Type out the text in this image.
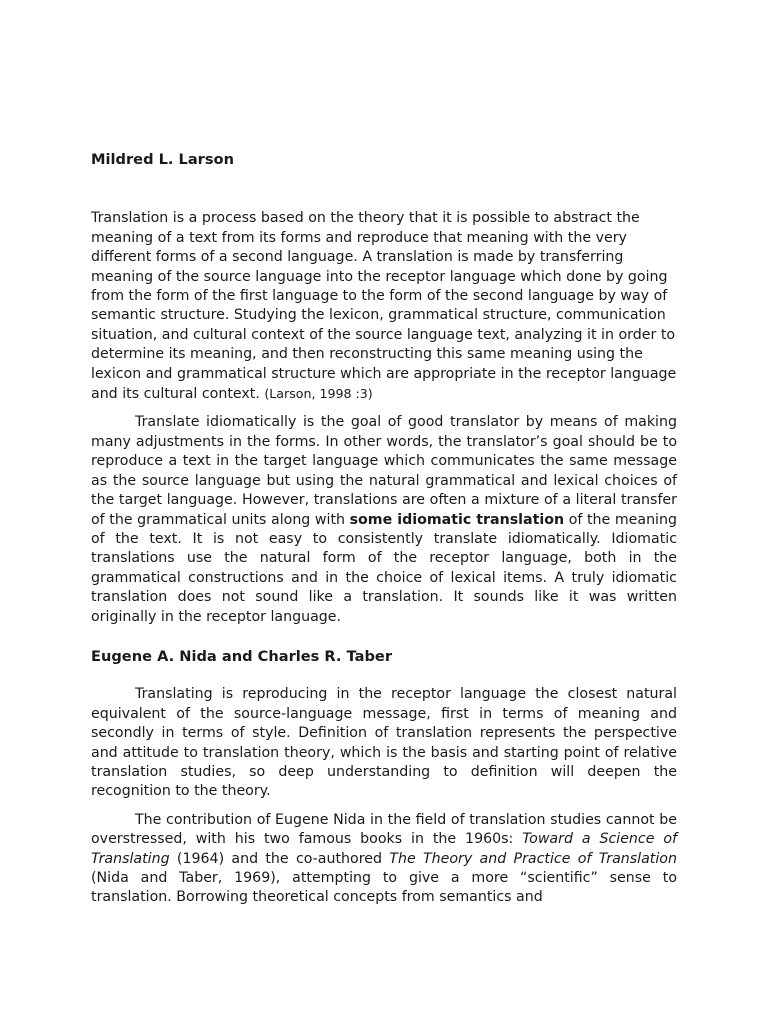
Mildred L. Larson

Translation is a process based on the theory that it is possible to abstract the meaning of a text from its forms and reproduce that meaning with the very different forms of a second language. A translation is made by transferring meaning of the source language into the receptor language which done by going from the form of the first language to the form of the second language by way of semantic structure. Studying the lexicon, grammatical structure, communication situation, and cultural context of the source language text, analyzing it in order to determine its meaning, and then reconstructing this same meaning using the lexicon and grammatical structure which are appropriate in the receptor language and its cultural context. (Larson, 1998 :3)

Translate idiomatically is the goal of good translator by means of making many adjustments in the forms. In other words, the translator’s goal should be to reproduce a text in the target language which communicates the same message as the source language but using the natural grammatical and lexical choices of the target language. However, translations are often a mixture of a literal transfer of the grammatical units along with some idiomatic translation of the meaning of the text. It is not easy to consistently translate idiomatically. Idiomatic translations use the natural form of the receptor language, both in the grammatical constructions and in the choice of lexical items. A truly idiomatic translation does not sound like a translation. It sounds like it was written originally in the receptor language.

Eugene A. Nida and Charles R. Taber

Translating is reproducing in the receptor language the closest natural equivalent of the source-language message, first in terms of meaning and secondly in terms of style. Definition of translation represents the perspective and attitude to translation theory, which is the basis and starting point of relative translation studies, so deep understanding to definition will deepen the recognition to the theory.

The contribution of Eugene Nida in the field of translation studies cannot be overstressed, with his two famous books in the 1960s: Toward a Science of Translating (1964) and the co-authored The Theory and Practice of Translation (Nida and Taber, 1969), attempting to give a more “scientific” sense to translation. Borrowing theoretical concepts from semantics and
